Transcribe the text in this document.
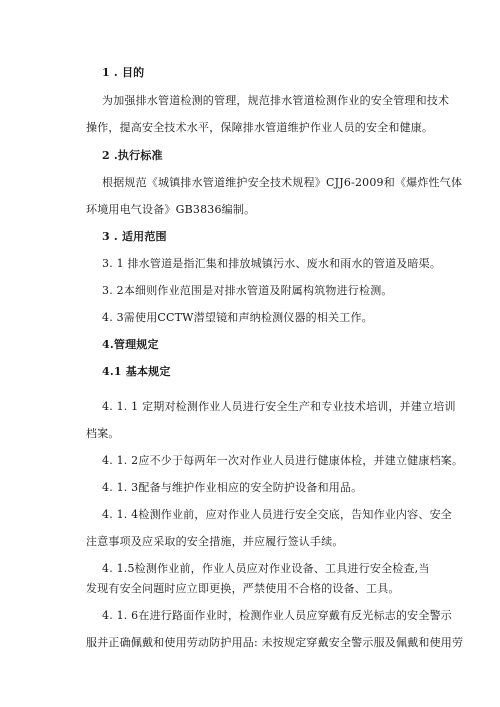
1 . 目的
为加强排水管道检测的管理，规范排水管道检测作业的安全管理和技术
操作，提高安全技术水平，保障排水管道维护作业人员的安全和健康。
2 .执行标准
根据规范《城镇排水管道维护安全技术规程》CJJ6-2009和《爆炸性气体
环境用电气设备》GB3836编制。
3 . 适用范围
3. 1 排水管道是指汇集和排放城镇污水、废水和雨水的管道及暗渠。
3. 2本细则作业范围是对排水管道及附属构筑物进行检测。
4. 3需使用CCTW潜望镜和声纳检测仪器的相关工作。
4.管理规定
4.1 基本规定
4. 1. 1 定期对检测作业人员进行安全生产和专业技术培训，并建立培训
档案。
4. 1. 2应不少于每两年一次对作业人员进行健康体检，并建立健康档案。
4. 1. 3配备与维护作业相应的安全防护设备和用品。
4. 1. 4检测作业前，应对作业人员进行安全交底，告知作业内容、安全
注意事项及应采取的安全措施，并应履行签认手续。
4. 1.5检测作业前，作业人员应对作业设备、工具进行安全检查,当
发现有安全问题时应立即更换，严禁使用不合格的设备、工具。
4. 1. 6在进行路面作业时，检测作业人员应穿戴有反光标志的安全警示
服并正确佩戴和使用劳动防护用品: 未按规定穿戴安全警示服及佩戴和使用劳
